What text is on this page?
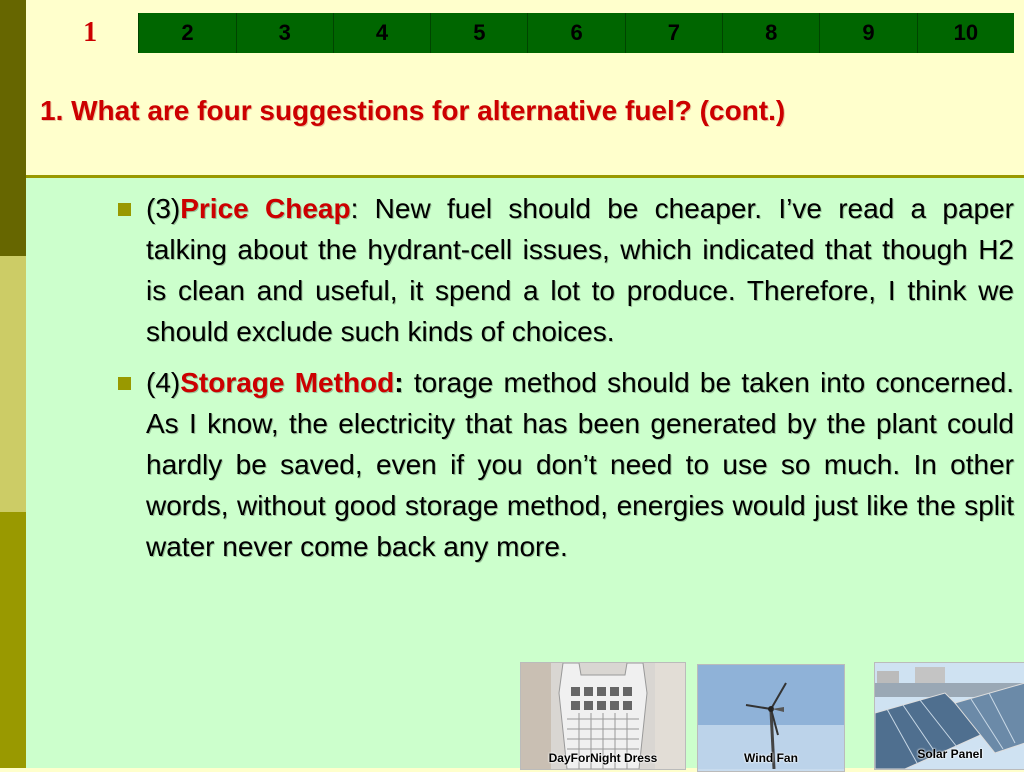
1	2	3	4	5	6	7	8	9	10
1. What are four suggestions for alternative fuel? (cont.)
(3)Price Cheap: New fuel should be cheaper. I’ve read a paper talking about the hydrant-cell issues, which indicated that though H2 is clean and useful, it spend a lot to produce. Therefore, I think we should exclude such kinds of choices.
(4)Storage Method: torage method should be taken into concerned. As I know, the electricity that has been generated by the plant could hardly be saved, even if you don’t need to use so much. In other words, without good storage method, energies would just like the split water never come back any more.
DayForNight Dress	Wind Fan	Solar Panel
